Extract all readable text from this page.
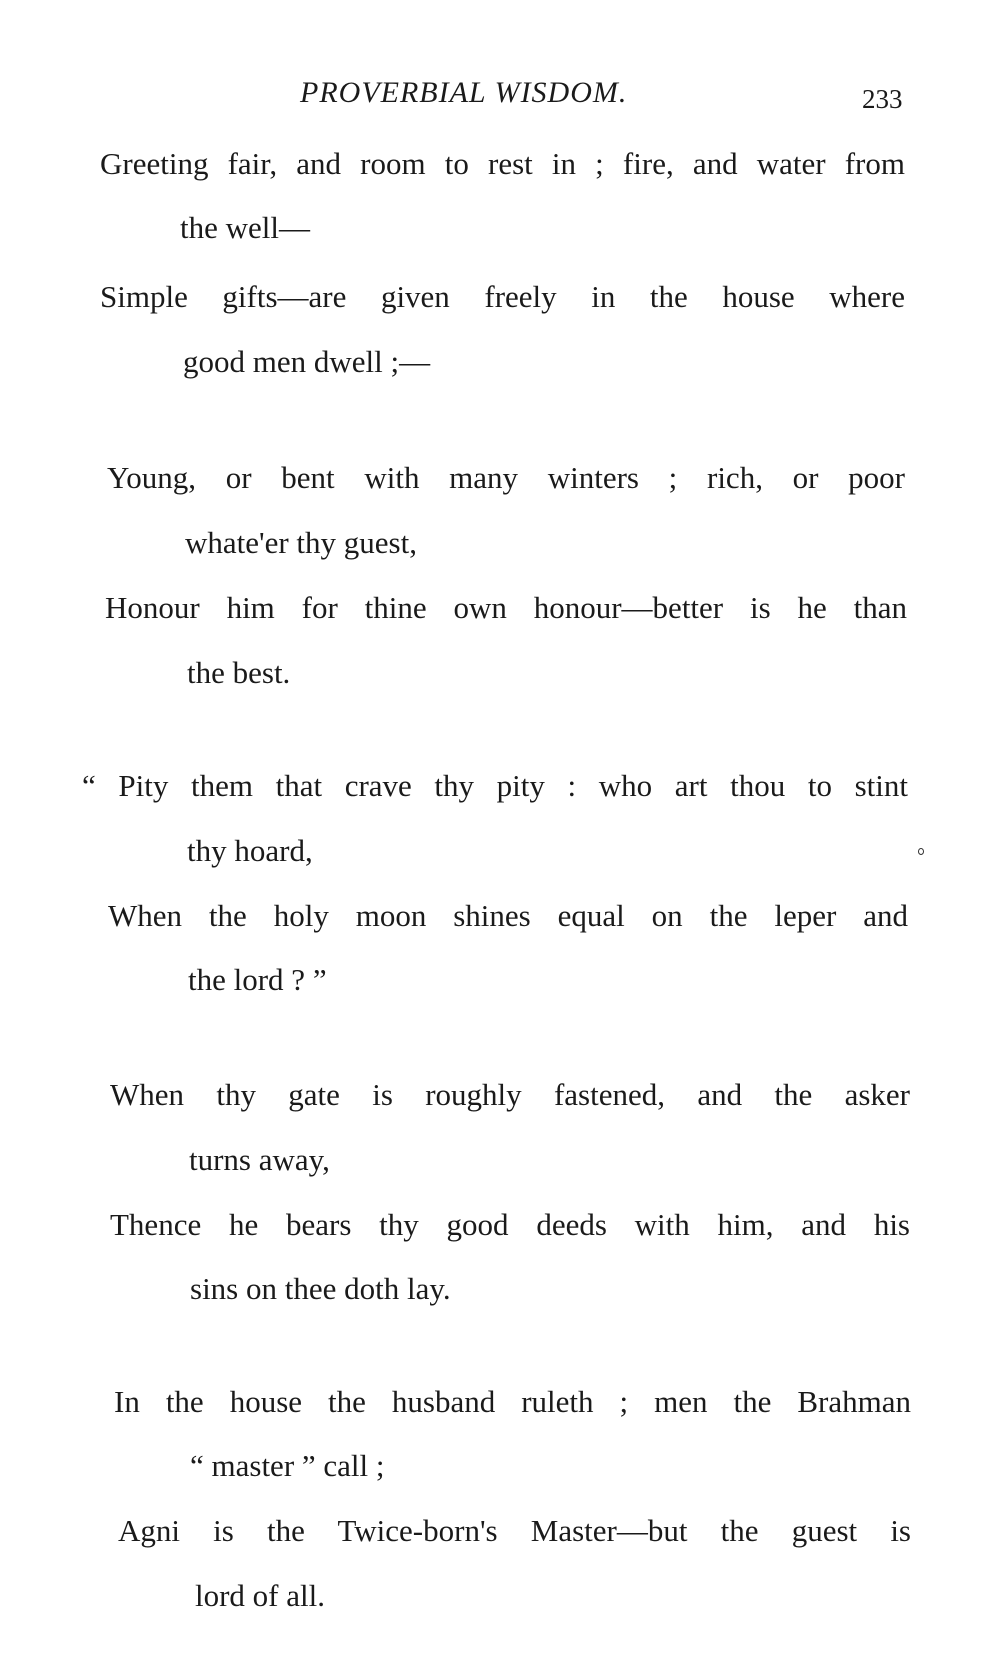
PROVERBIAL WISDOM.	233
Greeting fair, and room to rest in ; fire, and water from
the well—
Simple gifts—are given freely in the house where
good men dwell ;—
Young, or bent with many winters ; rich, or poor
whate'er thy guest,
Honour him for thine own honour—better is he than
the best.
“ Pity them that crave thy pity : who art thou to stint
thy hoard,
When the holy moon shines equal on the leper and
the lord ? ”
When thy gate is roughly fastened, and the asker
turns away,
Thence he bears thy good deeds with him, and his
sins on thee doth lay.
In the house the husband ruleth ; men the Brahman
“ master ” call ;
Agni is the Twice-born's Master—but the guest is
lord of all.
